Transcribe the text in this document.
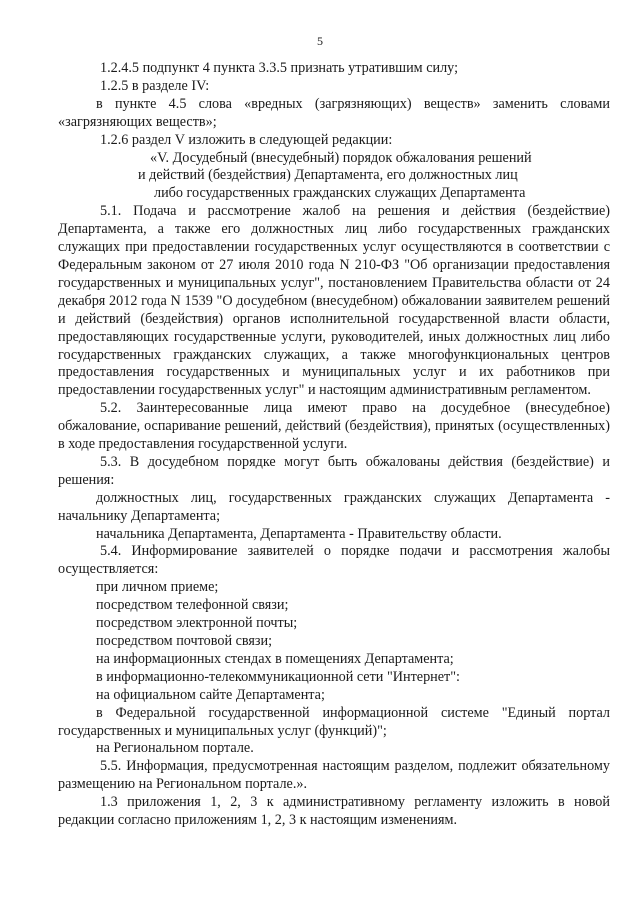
5

1.2.4.5 подпункт 4 пункта 3.3.5 признать утратившим силу;

1.2.5 в разделе IV:

в пункте 4.5 слова «вредных (загрязняющих) веществ» заменить словами «загрязняющих веществ»;

1.2.6 раздел V изложить в следующей редакции:

«V. Досудебный (внесудебный) порядок обжалования решений
и действий (бездействия) Департамента, его должностных лиц
либо государственных гражданских служащих Департамента

5.1. Подача и рассмотрение жалоб на решения и действия (бездействие) Департамента, а также его должностных лиц либо государственных гражданских служащих при предоставлении государственных услуг осуществляются в соответствии с Федеральным законом от 27 июля 2010 года N 210-ФЗ "Об организации предоставления государственных и муниципальных услуг", постановлением Правительства области от 24 декабря 2012 года N 1539 "О досудебном (внесудебном) обжаловании заявителем решений и действий (бездействия) органов исполнительной государственной власти области, предоставляющих государственные услуги, руководителей, иных должностных лиц либо государственных гражданских служащих, а также многофункциональных центров предоставления государственных и муниципальных услуг и их работников при предоставлении государственных услуг" и настоящим административным регламентом.

5.2. Заинтересованные лица имеют право на досудебное (внесудебное) обжалование, оспаривание решений, действий (бездействия), принятых (осуществленных) в ходе предоставления государственной услуги.

5.3. В досудебном порядке могут быть обжалованы действия (бездействие) и решения:

должностных лиц, государственных гражданских служащих Департамента - начальнику Департамента;

начальника Департамента, Департамента - Правительству области.

5.4. Информирование заявителей о порядке подачи и рассмотрения жалобы осуществляется:

при личном приеме;

посредством телефонной связи;

посредством электронной почты;

посредством почтовой связи;

на информационных стендах в помещениях Департамента;

в информационно-телекоммуникационной сети "Интернет":

на официальном сайте Департамента;

в Федеральной государственной информационной системе "Единый портал государственных и муниципальных услуг (функций)";

на Региональном портале.

5.5. Информация, предусмотренная настоящим разделом, подлежит обязательному размещению на Региональном портале.».

1.3 приложения 1, 2, 3 к административному регламенту изложить в новой редакции согласно приложениям 1, 2, 3 к настоящим изменениям.
